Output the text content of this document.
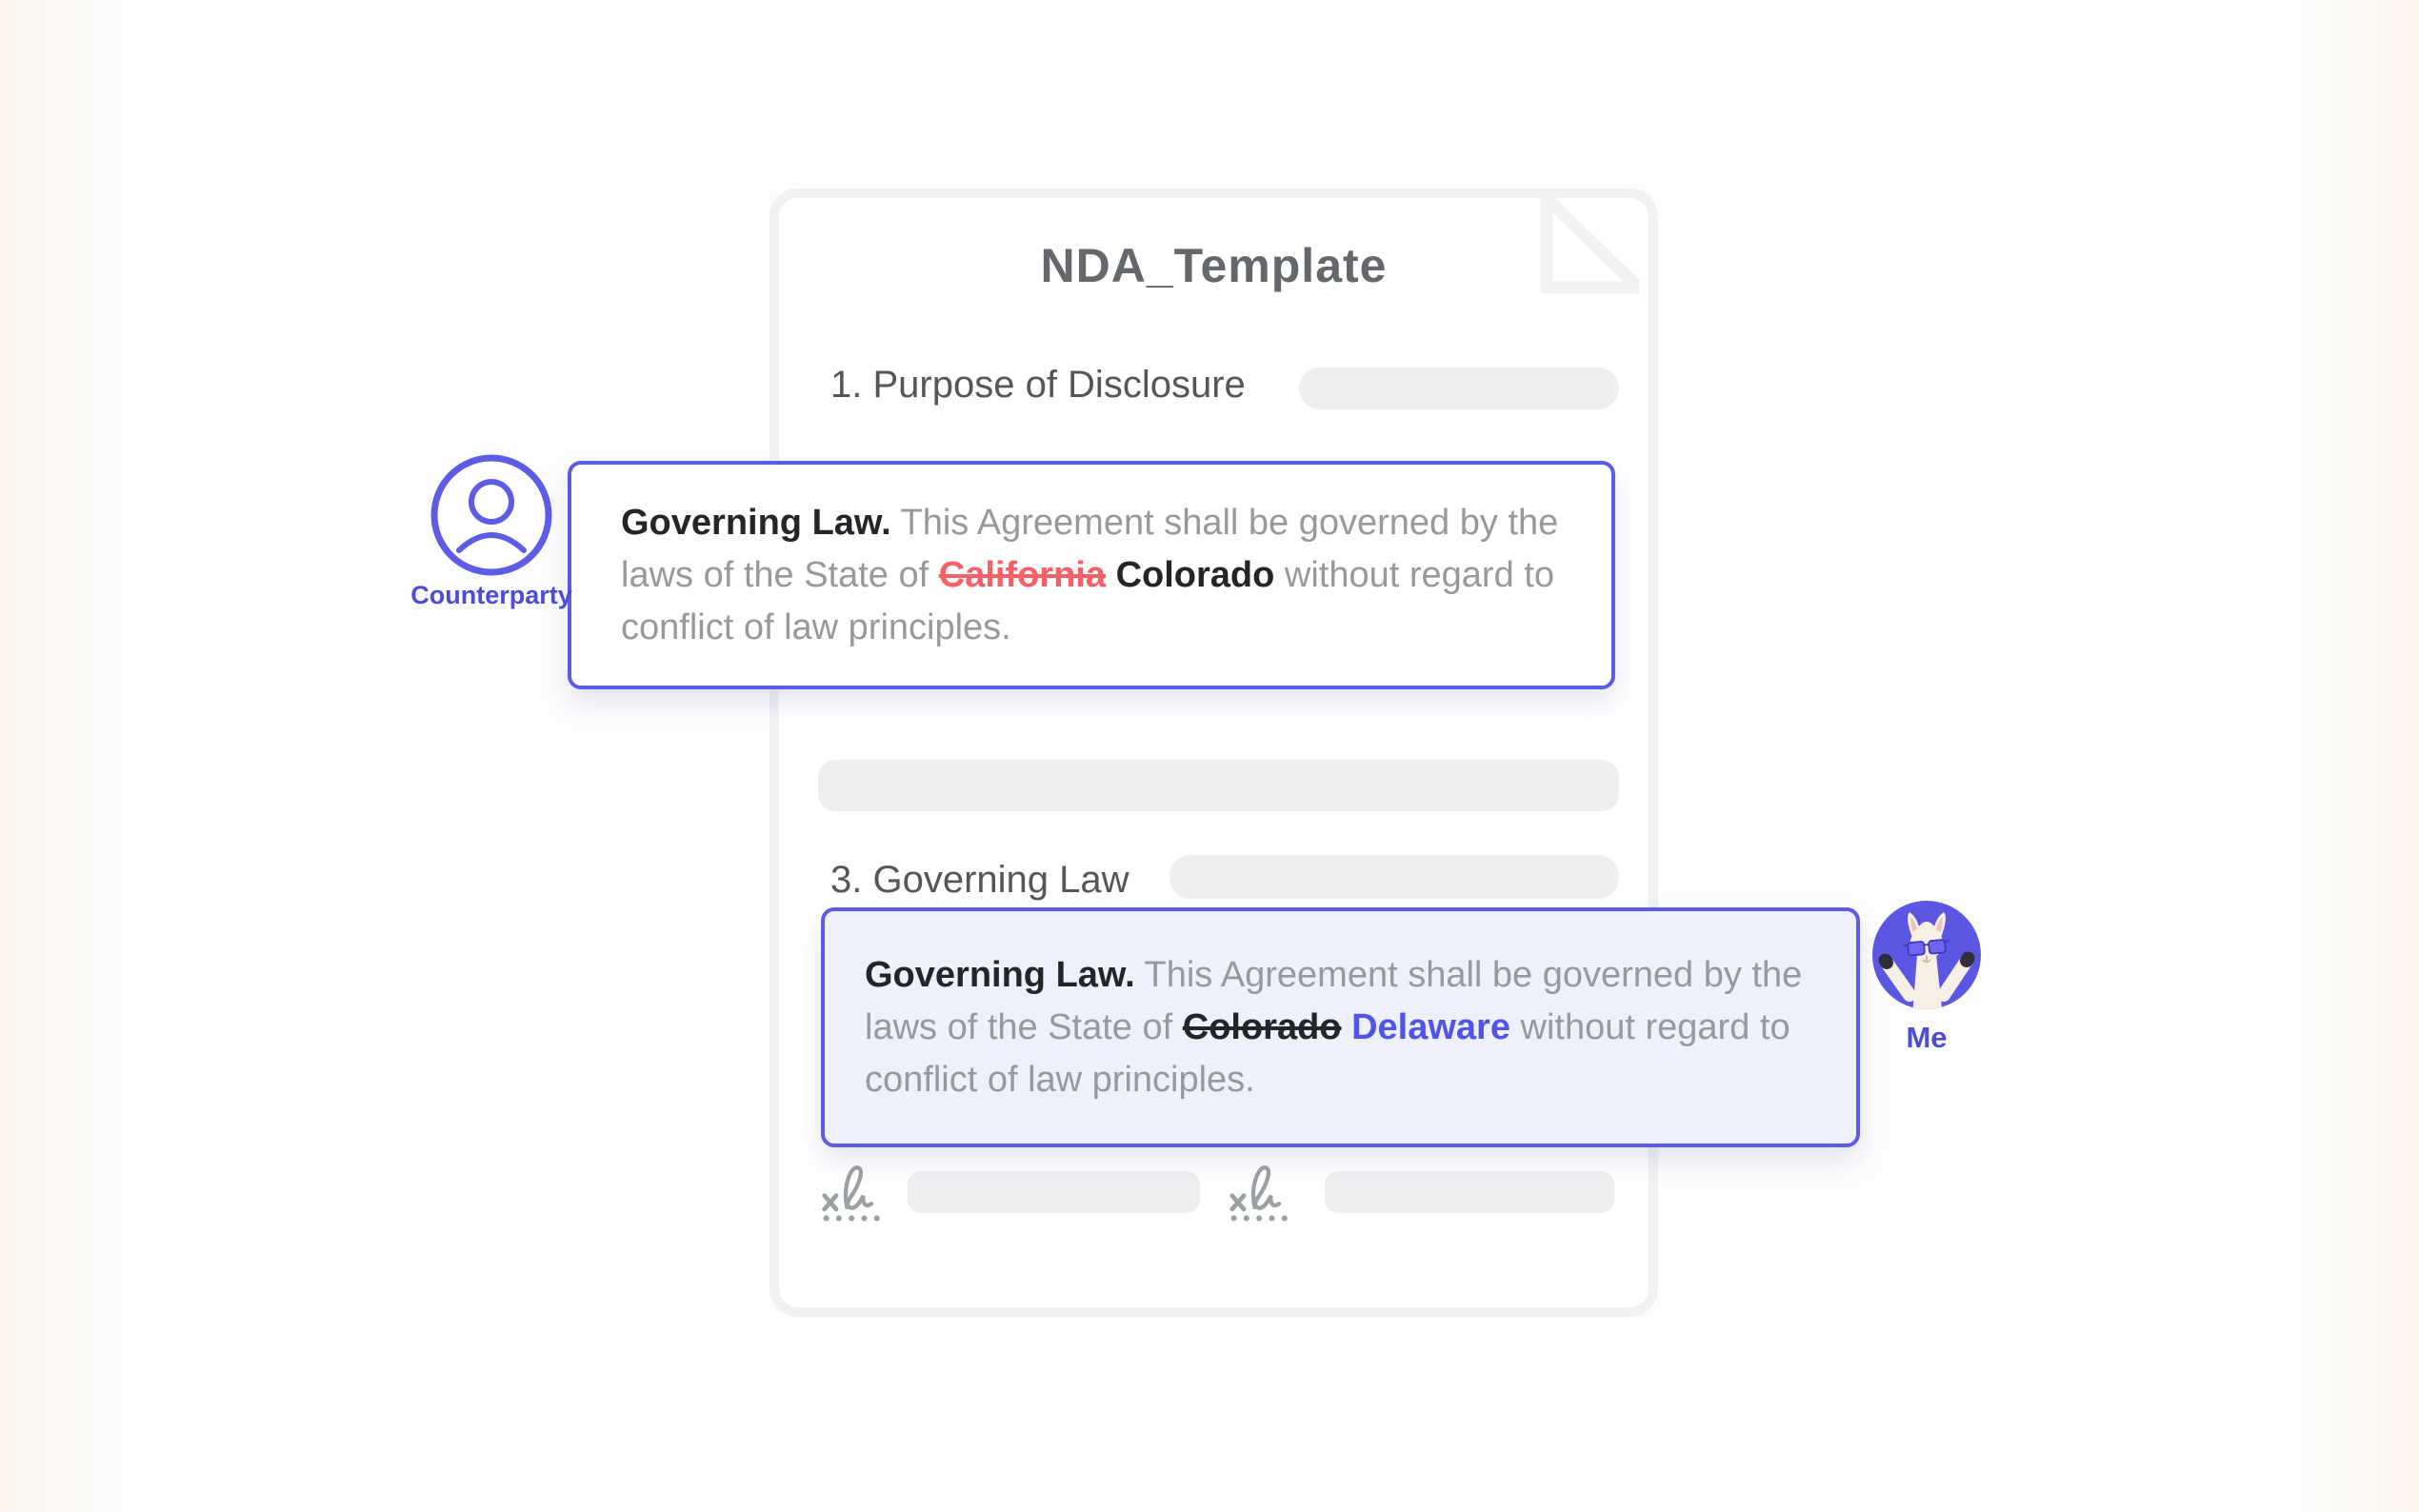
NDA_Template
1. Purpose of Disclosure
3. Governing Law

Governing Law. This Agreement shall be governed by the laws of the State of California Colorado without regard to conflict of law principles.

Counterparty

Governing Law. This Agreement shall be governed by the laws of the State of Colorado Delaware without regard to conflict of law principles.

Me
